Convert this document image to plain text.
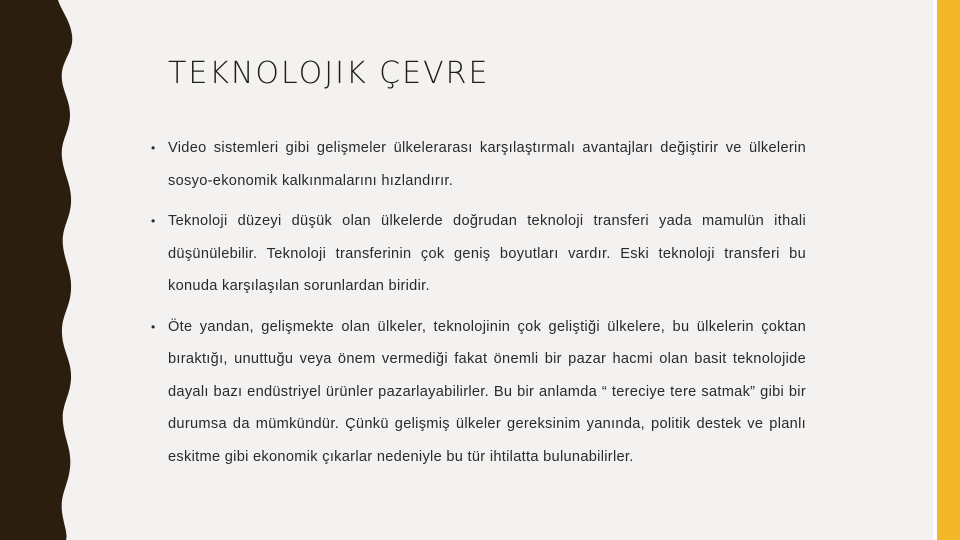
TEKNOLOJIK ÇEVRE
• Video sistemleri gibi gelişmeler ülkelerarası karşılaştırmalı avantajları değiştirir ve ülkelerin sosyo-ekonomik kalkınmalarını hızlandırır.
• Teknoloji düzeyi düşük olan ülkelerde doğrudan teknoloji transferi yada mamulün ithali düşünülebilir. Teknoloji transferinin çok geniş boyutları vardır. Eski teknoloji transferi bu konuda karşılaşılan sorunlardan biridir.
• Öte yandan, gelişmekte olan ülkeler, teknolojinin çok geliştiği ülkelere, bu ülkelerin çoktan bıraktığı, unuttuğu veya önem vermediği fakat önemli bir pazar hacmi olan basit teknolojide dayalı bazı endüstriyel ürünler pazarlayabilirler. Bu bir anlamda “ tereciye tere satmak” gibi bir durumsa da mümkündür. Çünkü gelişmiş ülkeler gereksinim yanında, politik destek ve planlı eskitme gibi ekonomik çıkarlar nedeniyle bu tür ihtilatta bulunabilirler.
